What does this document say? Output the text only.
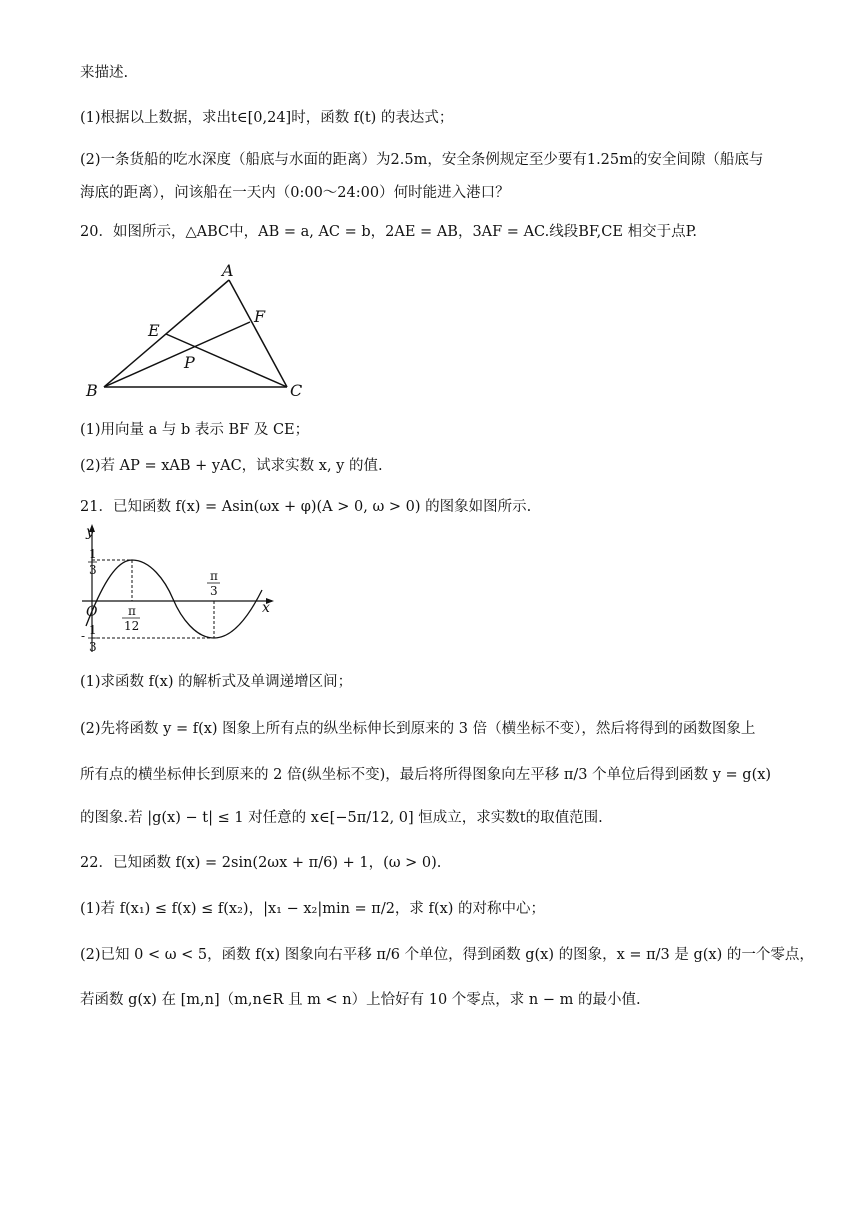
来描述.
(1)根据以上数据，求出t∈[0,24]时，函数 f(t) 的表达式；
(2)一条货船的吃水深度（船底与水面的距离）为2.5m，安全条例规定至少要有1.25m的安全间隙（船底与
海底的距离），问该船在一天内（0:00～24:00）何时能进入港口？
20．如图所示，△ABC中，AB = a, AC = b，2AE = AB，3AF = AC.线段BF,CE 相交于点P.
A
B	C
E
F
P
(1)用向量 a 与 b 表示 BF 及 CE；
(2)若 AP = xAB + yAC，试求实数 x, y 的值.
21．已知函数 f(x) = Asin(ωx + φ)(A > 0, ω > 0) 的图象如图所示.
y
x
O
1
3
- 1
3
π
12
π
3
(1)求函数 f(x) 的解析式及单调递增区间；
(2)先将函数 y = f(x) 图象上所有点的纵坐标伸长到原来的 3 倍（横坐标不变），然后将得到的函数图象上
所有点的横坐标伸长到原来的 2 倍(纵坐标不变)，最后将所得图象向左平移 π/3 个单位后得到函数 y = g(x)
的图象.若 |g(x) − t| ≤ 1 对任意的 x∈[−5π/12, 0] 恒成立，求实数t的取值范围.
22．已知函数 f(x) = 2sin(2ωx + π/6) + 1，(ω > 0).
(1)若 f(x₁) ≤ f(x) ≤ f(x₂)，|x₁ − x₂|min = π/2，求 f(x) 的对称中心；
(2)已知 0 < ω < 5，函数 f(x) 图象向右平移 π/6 个单位，得到函数 g(x) 的图象，x = π/3 是 g(x) 的一个零点，
若函数 g(x) 在 [m,n]（m,n∈R 且 m < n）上恰好有 10 个零点，求 n − m 的最小值.
